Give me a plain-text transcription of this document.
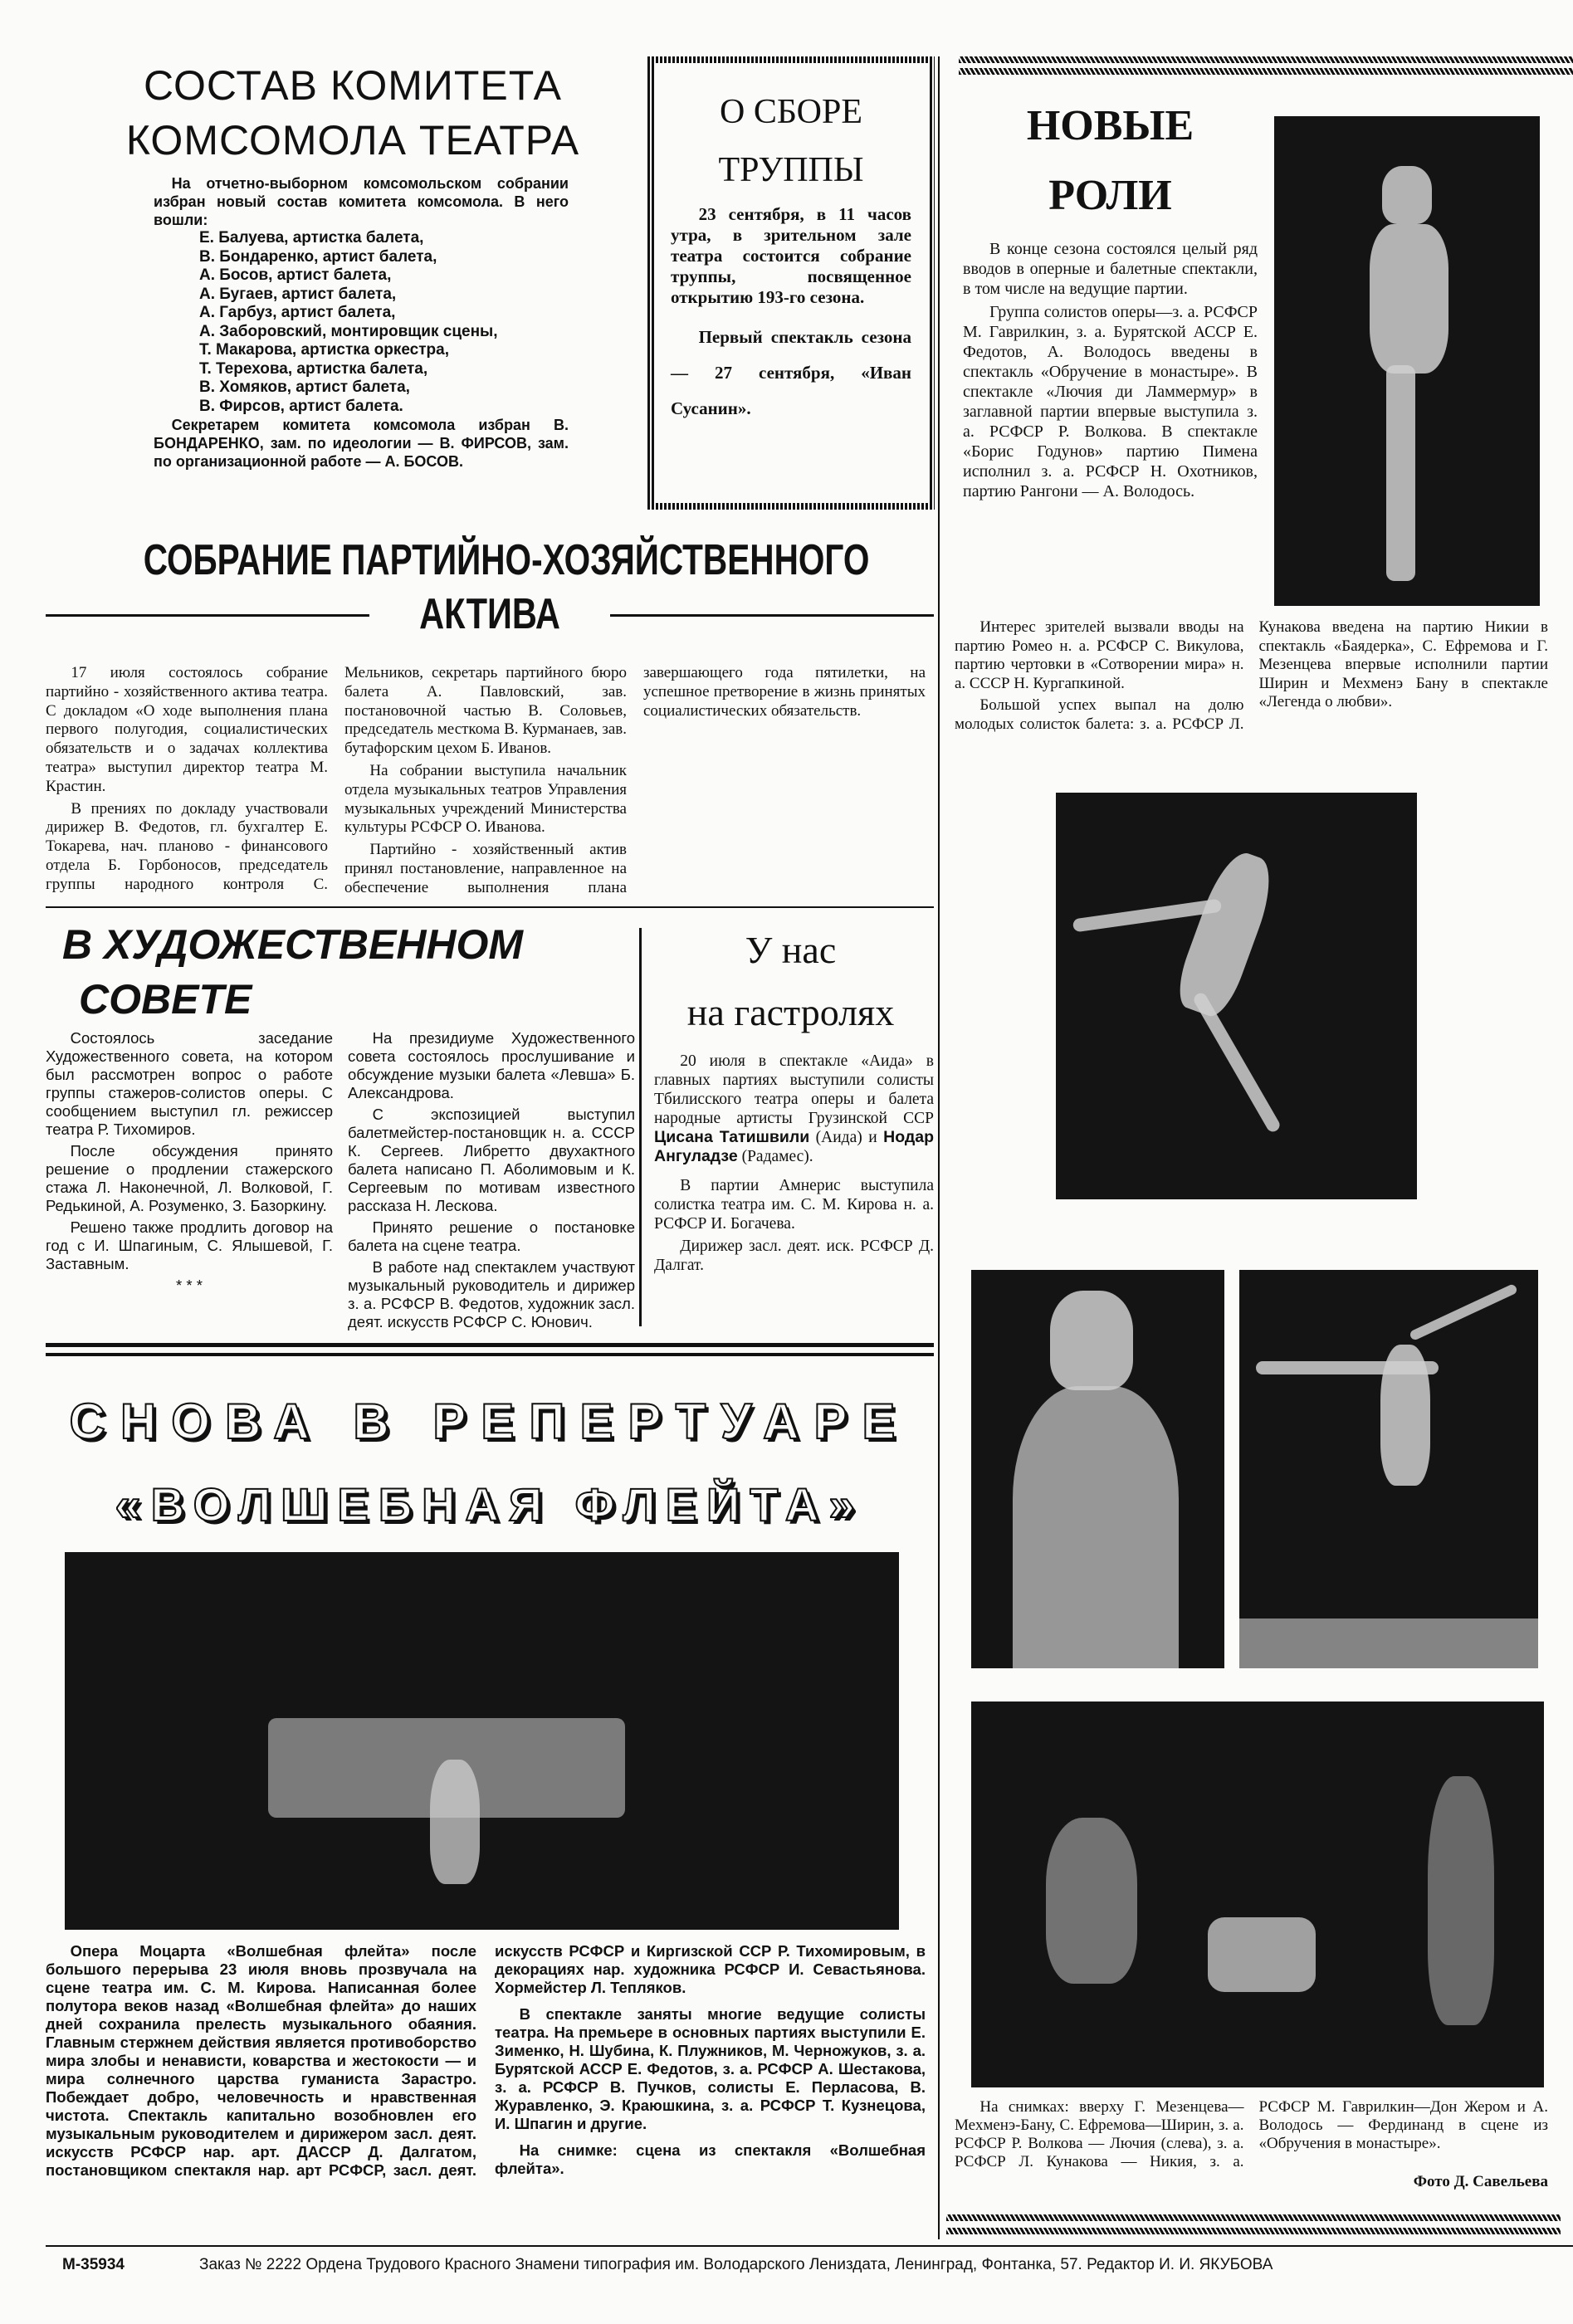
СОСТАВ КОМИТЕТА
КОМСОМОЛА ТЕАТРА

На отчетно-выборном комсомольском собрании избран новый состав комитета комсомола. В него вошли:

Е. Балуева, артистка балета,
В. Бондаренко, артист балета,
А. Босов, артист балета,
А. Бугаев, артист балета,
А. Гарбуз, артист балета,
А. Заборовский, монтировщик сцены,
Т. Макарова, артистка оркестра,
Т. Терехова, артистка балета,
В. Хомяков, артист балета,
В. Фирсов, артист балета.

Секретарем комитета комсомола избран В. БОНДАРЕНКО, зам. по идеологии — В. ФИРСОВ, зам. по организационной работе — А. БОСОВ.

О СБОРЕ
ТРУППЫ

23 сентября, в 11 часов утра, в зрительном зале театра состоится собрание труппы, посвященное открытию 193-го сезона.

Первый спектакль сезона — 27 сентября, «Иван Сусанин».

НОВЫЕ
РОЛИ

В конце сезона состоялся целый ряд вводов в оперные и балетные спектакли, в том числе на ведущие партии.

Группа солистов оперы—з. а. РСФСР М. Гаврилкин, з. а. Бурятской АССР Е. Федотов, А. Володось введены в спектакль «Обручение в монастыре». В спектакле «Лючия ди Ламмермур» в заглавной партии впервые выступила з. а. РСФСР Р. Волкова. В спектакле «Борис Годунов» партию Пимена исполнил з. а. РСФСР Н. Охотников, партию Рангони — А. Володось.

Интерес зрителей вызвали вводы на партию Ромео н. а. РСФСР С. Викулова, партию чертовки в «Сотворении мира» н. а. СССР Н. Кургапкиной.

Большой успех выпал на долю молодых солисток балета: з. а. РСФСР Л. Кунакова введена на партию Никии в спектакль «Баядерка», С. Ефремова и Г. Мезенцева впервые исполнили партии Ширин и Мехменэ Бану в спектакле «Легенда о любви».

На снимках: вверху Г. Мезенцева—Мехменэ-Бану, С. Ефремова—Ширин, з. а. РСФСР Р. Волкова — Лючия (слева), з. а. РСФСР Л. Кунакова — Никия, з. а. РСФСР М. Гаврилкин—Дон Жером и А. Володось — Фердинанд в сцене из «Обручения в монастыре».

Фото Д. Савельева

СОБРАНИЕ ПАРТИЙНО-ХОЗЯЙСТВЕННОГО
АКТИВА

17 июля состоялось собрание партийно - хозяйственного актива театра. С докладом «О ходе выполнения плана первого полугодия, социалистических обязательств и о задачах коллектива театра» выступил директор театра М. Крастин.

В прениях по докладу участвовали дирижер В. Федотов, гл. бухгалтер Е. Токарева, нач. планово - финансового отдела Б. Горбоносов, председатель группы народного контроля С. Мельников, секретарь партийного бюро балета А. Павловский, зав. постановочной частью В. Соловьев, председатель месткома В. Курманаев, зав. бутафорским цехом Б. Иванов.

На собрании выступила начальник отдела музыкальных театров Управления музыкальных учреждений Министерства культуры РСФСР О. Иванова.

Партийно - хозяйственный актив принял постановление, направленное на обеспечение выполнения плана завершающего года пятилетки, на успешное претворение в жизнь принятых социалистических обязательств.

В ХУДОЖЕСТВЕННОМ
СОВЕТЕ

Состоялось заседание Художественного совета, на котором был рассмотрен вопрос о работе группы стажеров-солистов оперы. С сообщением выступил гл. режиссер театра Р. Тихомиров.

После обсуждения принято решение о продлении стажерского стажа Л. Наконечной, Л. Волковой, Г. Редькиной, А. Розуменко, З. Базоркину.

Решено также продлить договор на год с И. Шпагиным, С. Ялышевой, Г. Заставным.

* * *

На президиуме Художественного совета состоялось прослушивание и обсуждение музыки балета «Левша» Б. Александрова.

С экспозицией выступил балетмейстер-постановщик н. а. СССР К. Сергеев. Либретто двухактного балета написано П. Аболимовым и К. Сергеевым по мотивам известного рассказа Н. Лескова.

Принято решение о постановке балета на сцене театра.

В работе над спектаклем участвуют музыкальный руководитель и дирижер з. а. РСФСР В. Федотов, художник засл. деят. искусств РСФСР С. Юнович.

У нас
на гастролях

20 июля в спектакле «Аида» в главных партиях выступили солисты Тбилисского театра оперы и балета народные артисты Грузинской ССР Цисана Татишвили (Аида) и Нодар Ангуладзе (Радамес).

В партии Амнерис выступила солистка театра им. С. М. Кирова н. а. РСФСР И. Богачева.

Дирижер засл. деят. иск. РСФСР Д. Далгат.

СНОВА В РЕПЕРТУАРЕ
«ВОЛШЕБНАЯ ФЛЕЙТА»

Опера Моцарта «Волшебная флейта» после большого перерыва 23 июля вновь прозвучала на сцене театра им. С. М. Кирова. Написанная более полутора веков назад «Волшебная флейта» до наших дней сохранила прелесть музыкального обаяния. Главным стержнем действия является противоборство мира злобы и ненависти, коварства и жестокости — и мира солнечного царства гуманиста Зарастро. Побеждает добро, человечность и нравственная чистота. Спектакль капитально возобновлен его музыкальным руководителем и дирижером засл. деят. искусств РСФСР нар. арт. ДАССР Д. Далгатом, постановщиком спектакля нар. арт РСФСР, засл. деят. искусств РСФСР и Киргизской ССР Р. Тихомировым, в декорациях нар. художника РСФСР И. Севастьянова. Хормейстер Л. Тепляков.

В спектакле заняты многие ведущие солисты театра. На премьере в основных партиях выступили Е. Зименко, Н. Шубина, К. Плужников, М. Черножуков, з. а. Бурятской АССР Е. Федотов, з. а. РСФСР А. Шестакова, з. а. РСФСР В. Пучков, солисты Е. Перласова, В. Журавленко, Э. Краюшкина, з. а. РСФСР Т. Кузнецова, И. Шпагин и другие.

На снимке: сцена из спектакля «Волшебная флейта».

М-35934	Заказ № 2222 Ордена Трудового Красного Знамени типография им. Володарского Лениздата, Ленинград, Фонтанка, 57. Редактор И. И. ЯКУБОВА
